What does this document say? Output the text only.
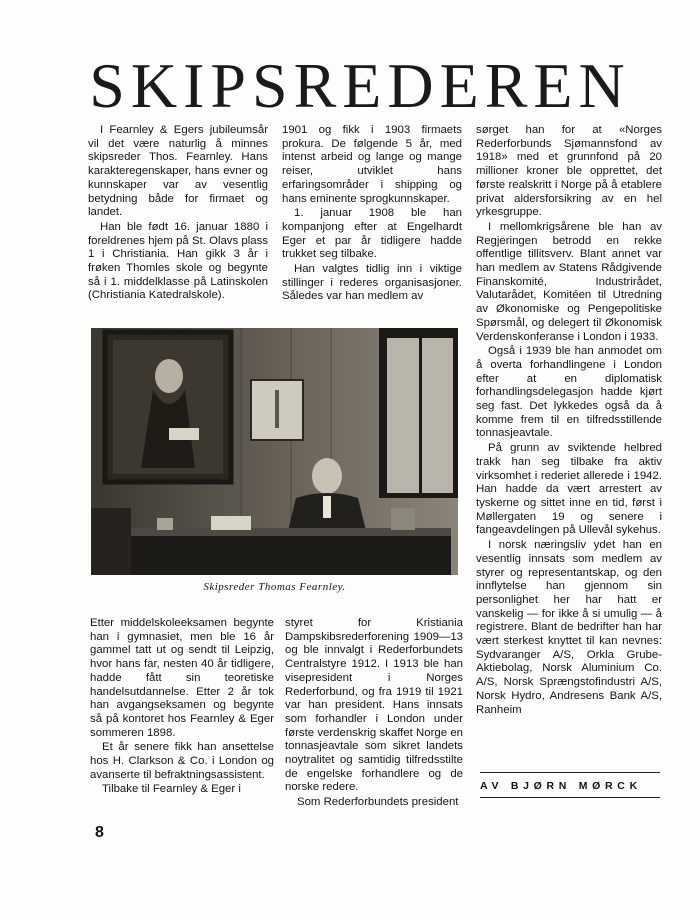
SKIPSREDEREN

I Fearnley & Egers jubileumsår vil det være naturlig å minnes skipsreder Thos. Fearnley. Hans karakteregenskaper, hans evner og kunnskaper var av vesentlig betydning både for firmaet og landet.

Han ble født 16. januar 1880 i foreldrenes hjem på St. Olavs plass 1 i Christiania. Han gikk 3 år i frøken Thomles skole og begynte så i 1. middelklasse på Latinskolen (Christiania Katedralskole).

1901 og fikk i 1903 firmaets prokura. De følgende 5 år, med intenst arbeid og lange og mange reiser, utviklet hans erfaringsområder i shipping og hans eminente sprogkunnskaper.

1. januar 1908 ble han kompanjong efter at Engelhardt Eger et par år tidligere hadde trukket seg tilbake.

Han valgtes tidlig inn i viktige stillinger i rederes organisasjoner. Således var han medlem av

sørget han for at «Norges Rederforbunds Sjømannsfond av 1918» med et grunnfond på 20 millioner kroner ble opprettet, det første realskritt i Norge på å etablere privat aldersforsikring av en hel yrkesgruppe.

I mellomkrigsårene ble han av Regjeringen betrodd en rekke offentlige tillitsverv. Blant annet var han medlem av Statens Rådgivende Finanskomité, Industrirådet, Valutarådet, Komitéen til Utredning av Økonomiske og Pengepolitiske Spørsmål, og delegert til Økonomisk Verdenskonferanse i London i 1933.

Også i 1939 ble han anmodet om å overta forhandlingene i London efter at en diplomatisk forhandlingsdelegasjon hadde kjørt seg fast. Det lykkedes også da å komme frem til en tilfredsstillende tonnasjeavtale.

På grunn av sviktende helbred trakk han seg tilbake fra aktiv virksomhet i rederiet allerede i 1942. Han hadde da vært arrestert av tyskerne og sittet inne en tid, først i Møllergaten 19 og senere i fangeavdelingen på Ullevål sykehus.

I norsk næringsliv ydet han en vesentlig innsats som medlem av styrer og representantskap, og den innflytelse han gjennom sin personlighet her har hatt er vanskelig — for ikke å si umulig — å registrere. Blant de bedrifter han har vært sterkest knyttet til kan nevnes: Sydvaranger A/S, Orkla Grube-Aktiebolag, Norsk Aluminium Co. A/S, Norsk Sprængstofindustri A/S, Norsk Hydro, Andresens Bank A/S, Ranheim

Skipsreder Thomas Fearnley.

Etter middelskoleeksamen begynte han i gymnasiet, men ble 16 år gammel tatt ut og sendt til Leipzig, hvor hans far, nesten 40 år tidligere, hadde fått sin teoretiske handelsutdannelse. Etter 2 år tok han avgangseksamen og begynte så på kontoret hos Fearnley & Eger sommeren 1898.

Et år senere fikk han ansettelse hos H. Clarkson & Co. i London og avanserte til befraktningsassistent.

Tilbake til Fearnley & Eger i

styret for Kristiania Dampskibsrederforening 1909—13 og ble innvalgt i Rederforbundets Centralstyre 1912. I 1913 ble han visepresident i Norges Rederforbund, og fra 1919 til 1921 var han president. Hans innsats som forhandler i London under første verdenskrig skaffet Norge en tonnasjeavtale som sikret landets noytralitet og samtidig tilfredsstilte de engelske forhandlere og de norske redere.

Som Rederforbundets president

AV BJØRN MØRCK
8
